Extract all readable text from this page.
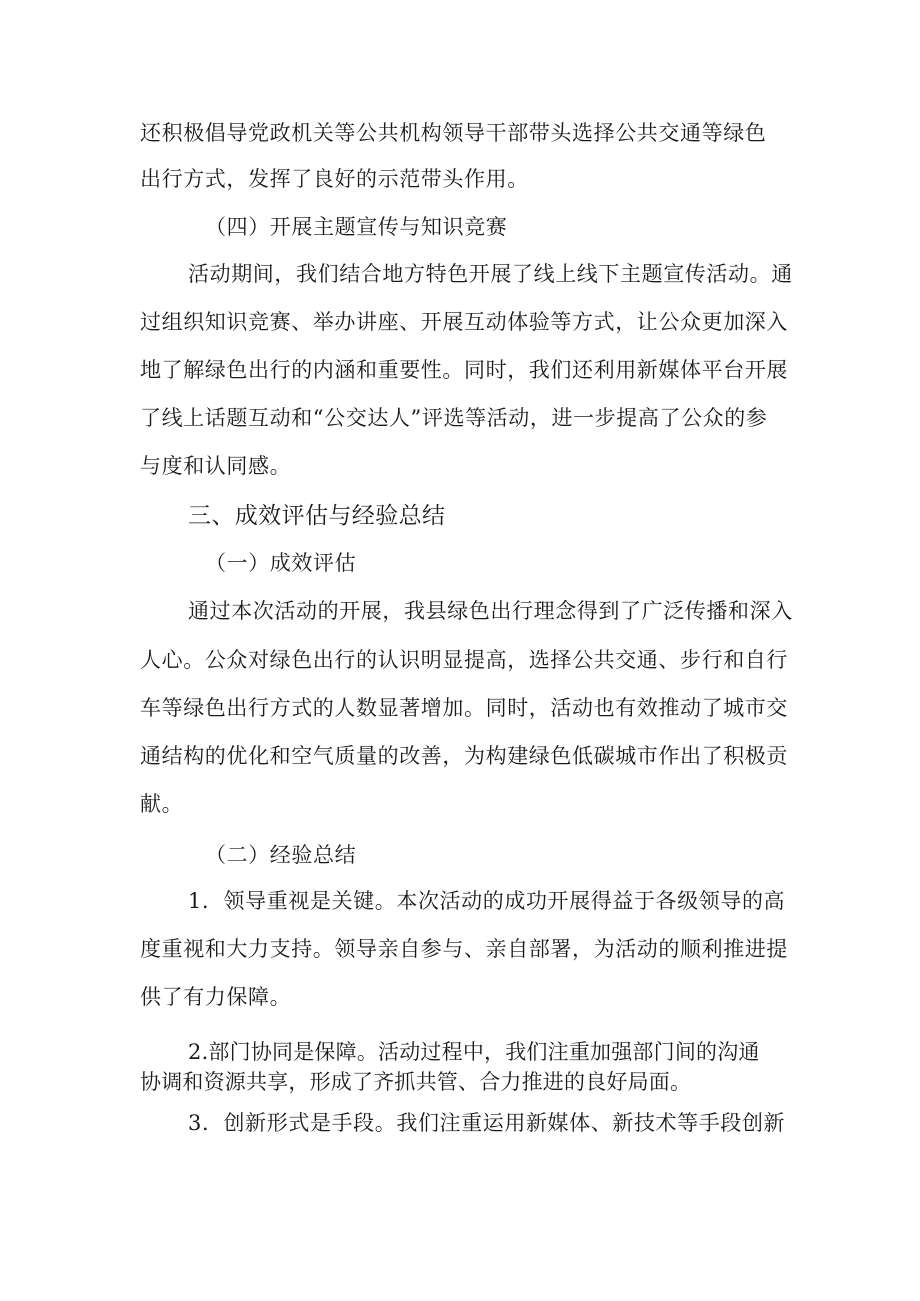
还积极倡导党政机关等公共机构领导干部带头选择公共交通等绿色
出行方式，发挥了良好的示范带头作用。
（四）开展主题宣传与知识竞赛
活动期间，我们结合地方特色开展了线上线下主题宣传活动。通
过组织知识竞赛、举办讲座、开展互动体验等方式，让公众更加深入
地了解绿色出行的内涵和重要性。同时，我们还利用新媒体平台开展
了线上话题互动和“公交达人”评选等活动，进一步提高了公众的参
与度和认同感。
三、成效评估与经验总结
（一）成效评估
通过本次活动的开展，我县绿色出行理念得到了广泛传播和深入
人心。公众对绿色出行的认识明显提高，选择公共交通、步行和自行
车等绿色出行方式的人数显著增加。同时，活动也有效推动了城市交
通结构的优化和空气质量的改善，为构建绿色低碳城市作出了积极贡
献。
（二）经验总结
1．领导重视是关键。本次活动的成功开展得益于各级领导的高
度重视和大力支持。领导亲自参与、亲自部署，为活动的顺利推进提
供了有力保障。
2.部门协同是保障。活动过程中，我们注重加强部门间的沟通
协调和资源共享，形成了齐抓共管、合力推进的良好局面。
3．创新形式是手段。我们注重运用新媒体、新技术等手段创新
